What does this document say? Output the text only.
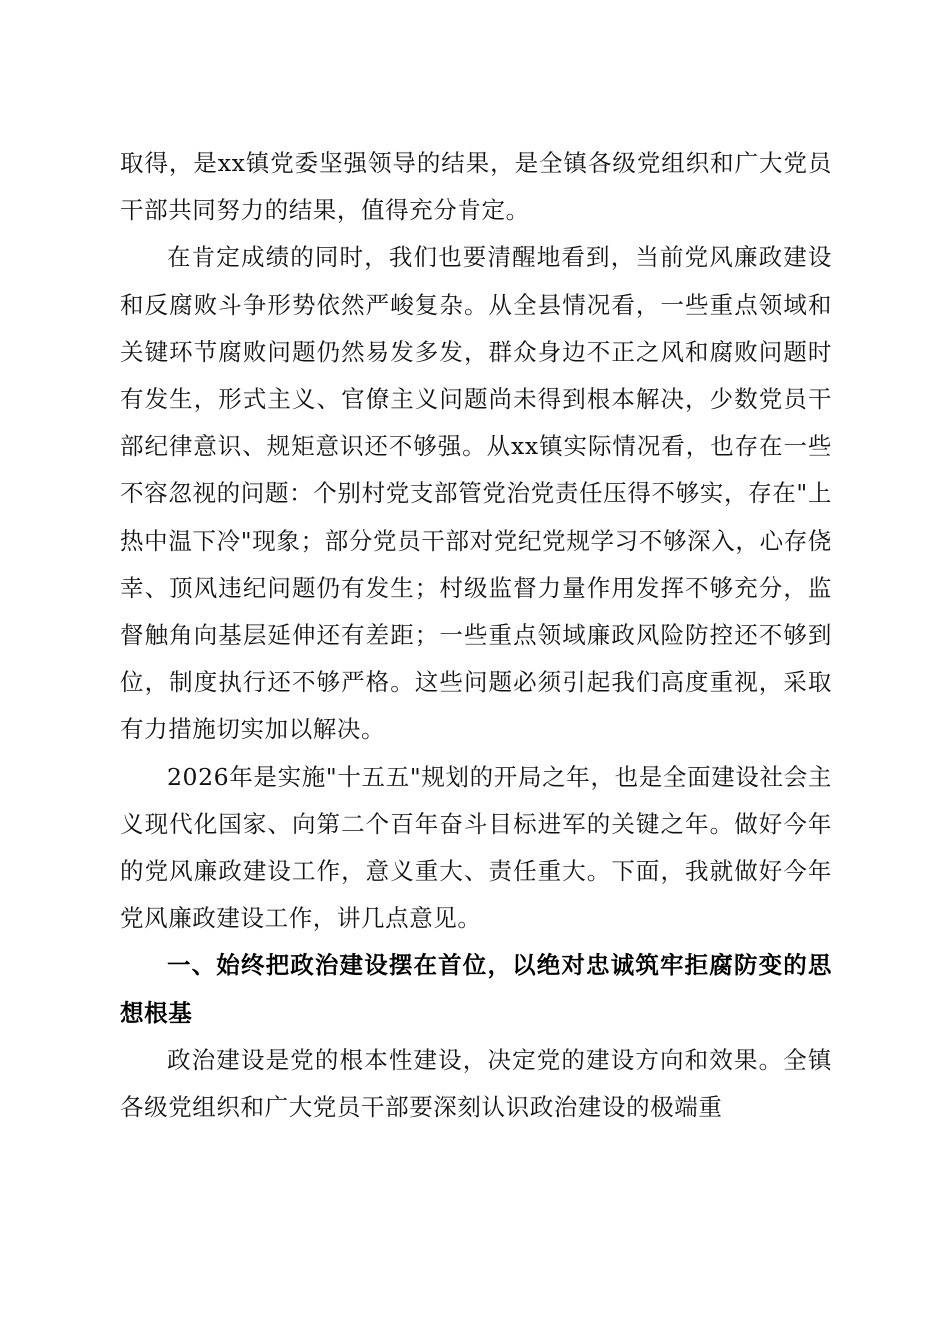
取得，是xx镇党委坚强领导的结果，是全镇各级党组织和广大党员干部共同努力的结果，值得充分肯定。

在肯定成绩的同时，我们也要清醒地看到，当前党风廉政建设和反腐败斗争形势依然严峻复杂。从全县情况看，一些重点领域和关键环节腐败问题仍然易发多发，群众身边不正之风和腐败问题时有发生，形式主义、官僚主义问题尚未得到根本解决，少数党员干部纪律意识、规矩意识还不够强。从xx镇实际情况看，也存在一些不容忽视的问题：个别村党支部管党治党责任压得不够实，存在"上热中温下冷"现象；部分党员干部对党纪党规学习不够深入，心存侥幸、顶风违纪问题仍有发生；村级监督力量作用发挥不够充分，监督触角向基层延伸还有差距；一些重点领域廉政风险防控还不够到位，制度执行还不够严格。这些问题必须引起我们高度重视，采取有力措施切实加以解决。

2026年是实施"十五五"规划的开局之年，也是全面建设社会主义现代化国家、向第二个百年奋斗目标进军的关键之年。做好今年的党风廉政建设工作，意义重大、责任重大。下面，我就做好今年党风廉政建设工作，讲几点意见。

一、始终把政治建设摆在首位，以绝对忠诚筑牢拒腐防变的思想根基

政治建设是党的根本性建设，决定党的建设方向和效果。全镇各级党组织和广大党员干部要深刻认识政治建设的极端重
